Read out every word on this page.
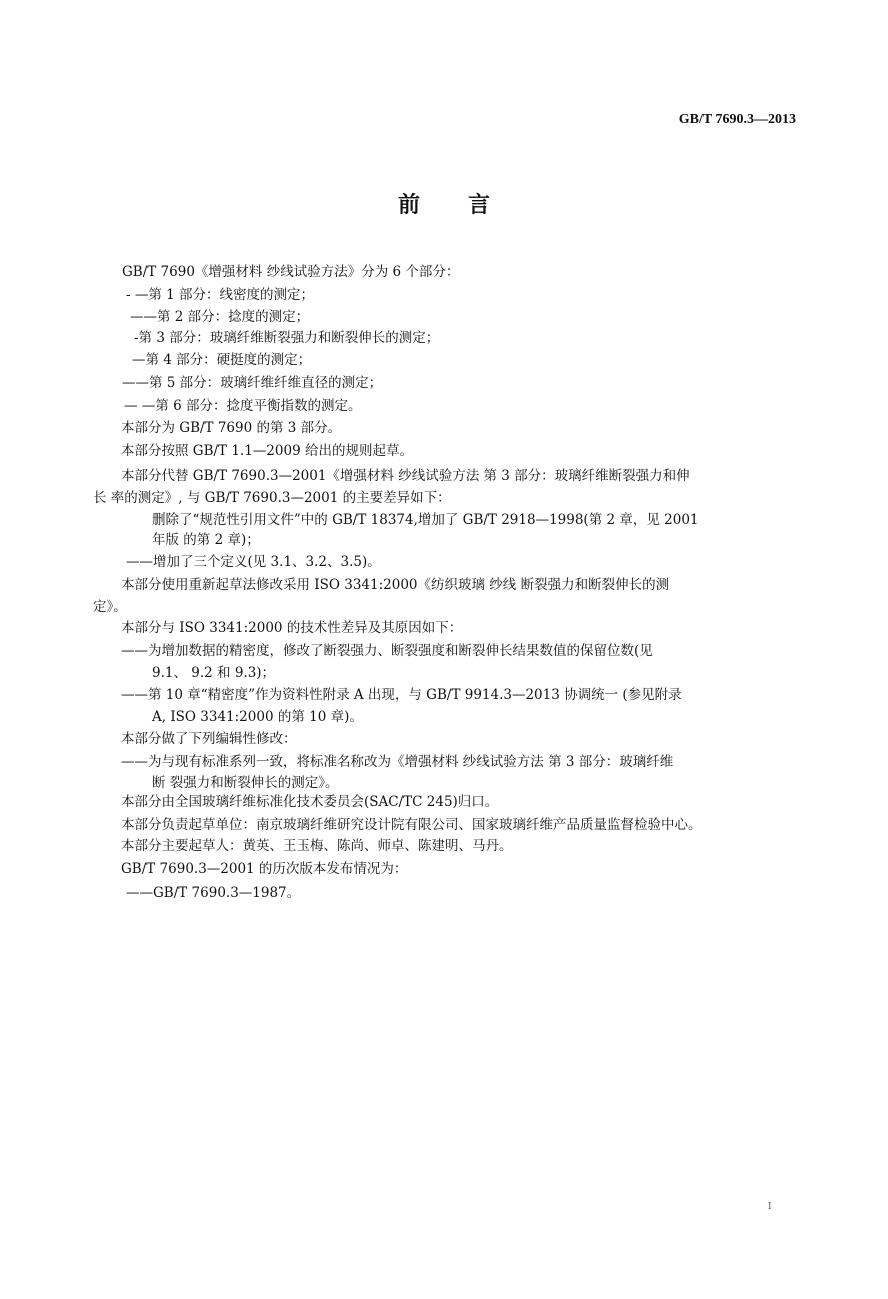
GB/T 7690.3—2013
前言
GB/T 7690《增强材料 纱线试验方法》分为 6 个部分：
- —第 1 部分：线密度的测定；
——第 2 部分：捻度的测定；
-第 3 部分：玻璃纤维断裂强力和断裂伸长的测定；
—第 4 部分：硬挺度的测定；
——第 5 部分：玻璃纤维纤维直径的测定；
— —第 6 部分：捻度平衡指数的测定。
本部分为 GB/T 7690 的第 3 部分。
本部分按照 GB/T 1.1—2009 给出的规则起草。
本部分代替 GB/T 7690.3—2001《增强材料 纱线试验方法 第 3 部分：玻璃纤维断裂强力和伸
长 率的测定》, 与 GB/T 7690.3—2001 的主要差异如下：
删除了“规范性引用文件”中的 GB/T 18374,增加了 GB/T 2918—1998(第 2 章，见 2001
年版 的第 2 章)；
——增加了三个定义(见 3.1、3.2、3.5)。
本部分使用重新起草法修改采用 ISO 3341:2000《纺织玻璃 纱线 断裂强力和断裂伸长的测
定》。
本部分与 ISO 3341:2000 的技术性差异及其原因如下：
——为增加数据的精密度，修改了断裂强力、断裂强度和断裂伸长结果数值的保留位数(见
9.1、 9.2 和 9.3)；
——第 10 章“精密度”作为资料性附录 A 出现，与 GB/T 9914.3—2013 协调统一 (参见附录
A, ISO 3341:2000 的第 10 章)。
本部分做了下列编辑性修改：
——为与现有标准系列一致，将标准名称改为《增强材料 纱线试验方法 第 3 部分：玻璃纤维
断 裂强力和断裂伸长的测定》。
本部分由全国玻璃纤维标准化技术委员会(SAC/TC 245)归口。
本部分负责起草单位：南京玻璃纤维研究设计院有限公司、国家玻璃纤维产品质量监督检验中心。
本部分主要起草人：黄英、王玉梅、陈尚、师卓、陈建明、马丹。
GB/T 7690.3—2001 的历次版本发布情况为：
——GB/T 7690.3—1987。
I
